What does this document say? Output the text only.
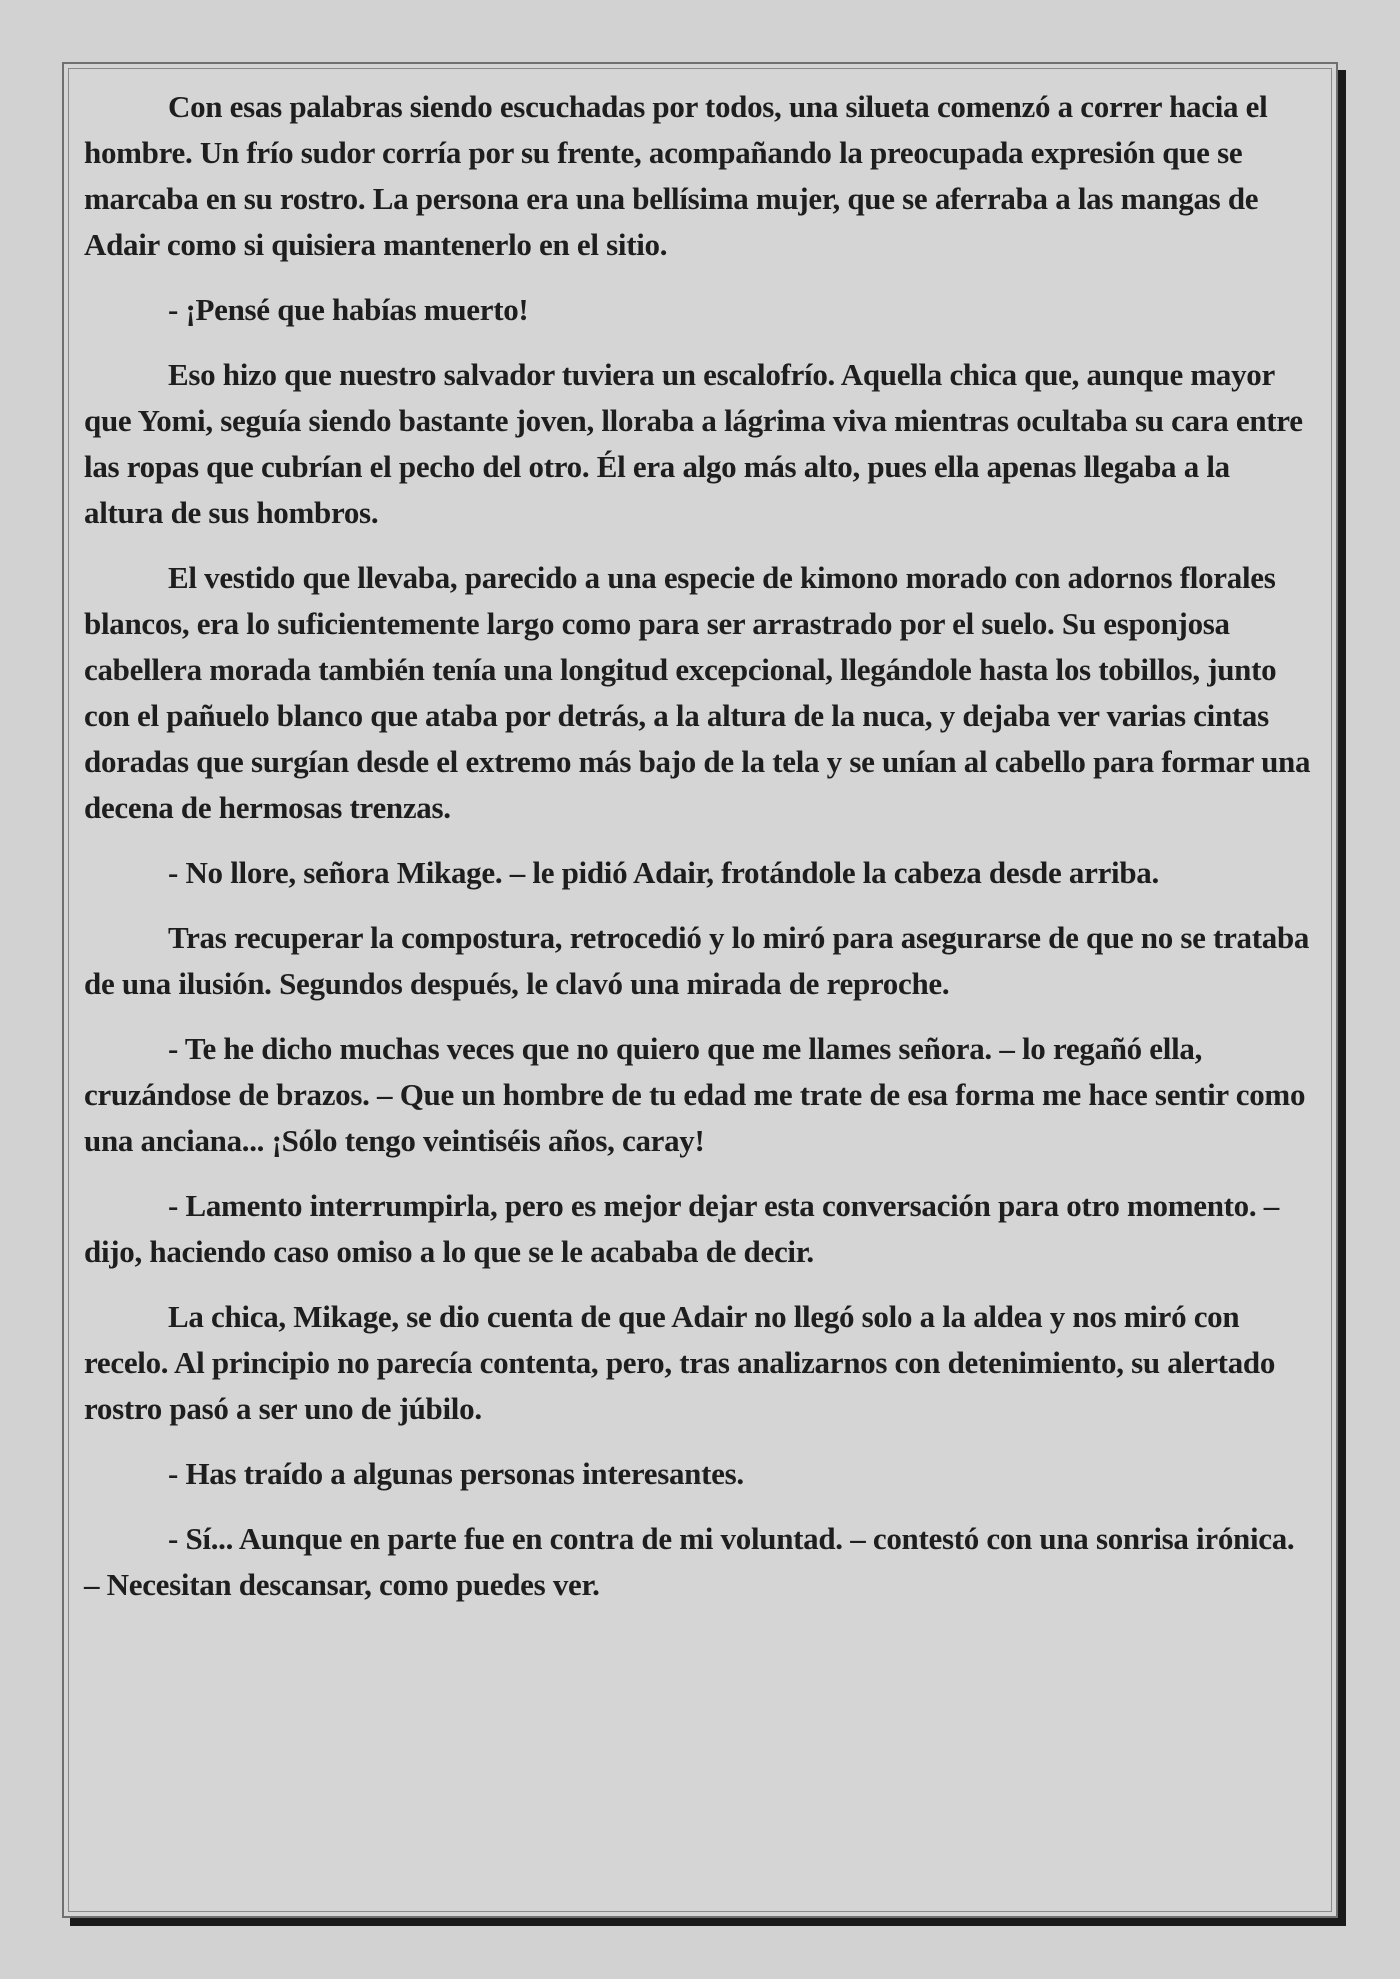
Con esas palabras siendo escuchadas por todos, una silueta comenzó a correr hacia el hombre. Un frío sudor corría por su frente, acompañando la preocupada expresión que se marcaba en su rostro. La persona era una bellísima mujer, que se aferraba a las mangas de Adair como si quisiera mantenerlo en el sitio.

- ¡Pensé que habías muerto!

Eso hizo que nuestro salvador tuviera un escalofrío. Aquella chica que, aunque mayor que Yomi, seguía siendo bastante joven, lloraba a lágrima viva mientras ocultaba su cara entre las ropas que cubrían el pecho del otro. Él era algo más alto, pues ella apenas llegaba a la altura de sus hombros.

El vestido que llevaba, parecido a una especie de kimono morado con adornos florales blancos, era lo suficientemente largo como para ser arrastrado por el suelo. Su esponjosa cabellera morada también tenía una longitud excepcional, llegándole hasta los tobillos, junto con el pañuelo blanco que ataba por detrás, a la altura de la nuca, y dejaba ver varias cintas doradas que surgían desde el extremo más bajo de la tela y se unían al cabello para formar una decena de hermosas trenzas.

- No llore, señora Mikage. – le pidió Adair, frotándole la cabeza desde arriba.

Tras recuperar la compostura, retrocedió y lo miró para asegurarse de que no se trataba de una ilusión. Segundos después, le clavó una mirada de reproche.

- Te he dicho muchas veces que no quiero que me llames señora. – lo regañó ella, cruzándose de brazos. – Que un hombre de tu edad me trate de esa forma me hace sentir como una anciana... ¡Sólo tengo veintiséis años, caray!

- Lamento interrumpirla, pero es mejor dejar esta conversación para otro momento. – dijo, haciendo caso omiso a lo que se le acababa de decir.

La chica, Mikage, se dio cuenta de que Adair no llegó solo a la aldea y nos miró con recelo. Al principio no parecía contenta, pero, tras analizarnos con detenimiento, su alertado rostro pasó a ser uno de júbilo.

- Has traído a algunas personas interesantes.

- Sí... Aunque en parte fue en contra de mi voluntad. – contestó con una sonrisa irónica. – Necesitan descansar, como puedes ver.
